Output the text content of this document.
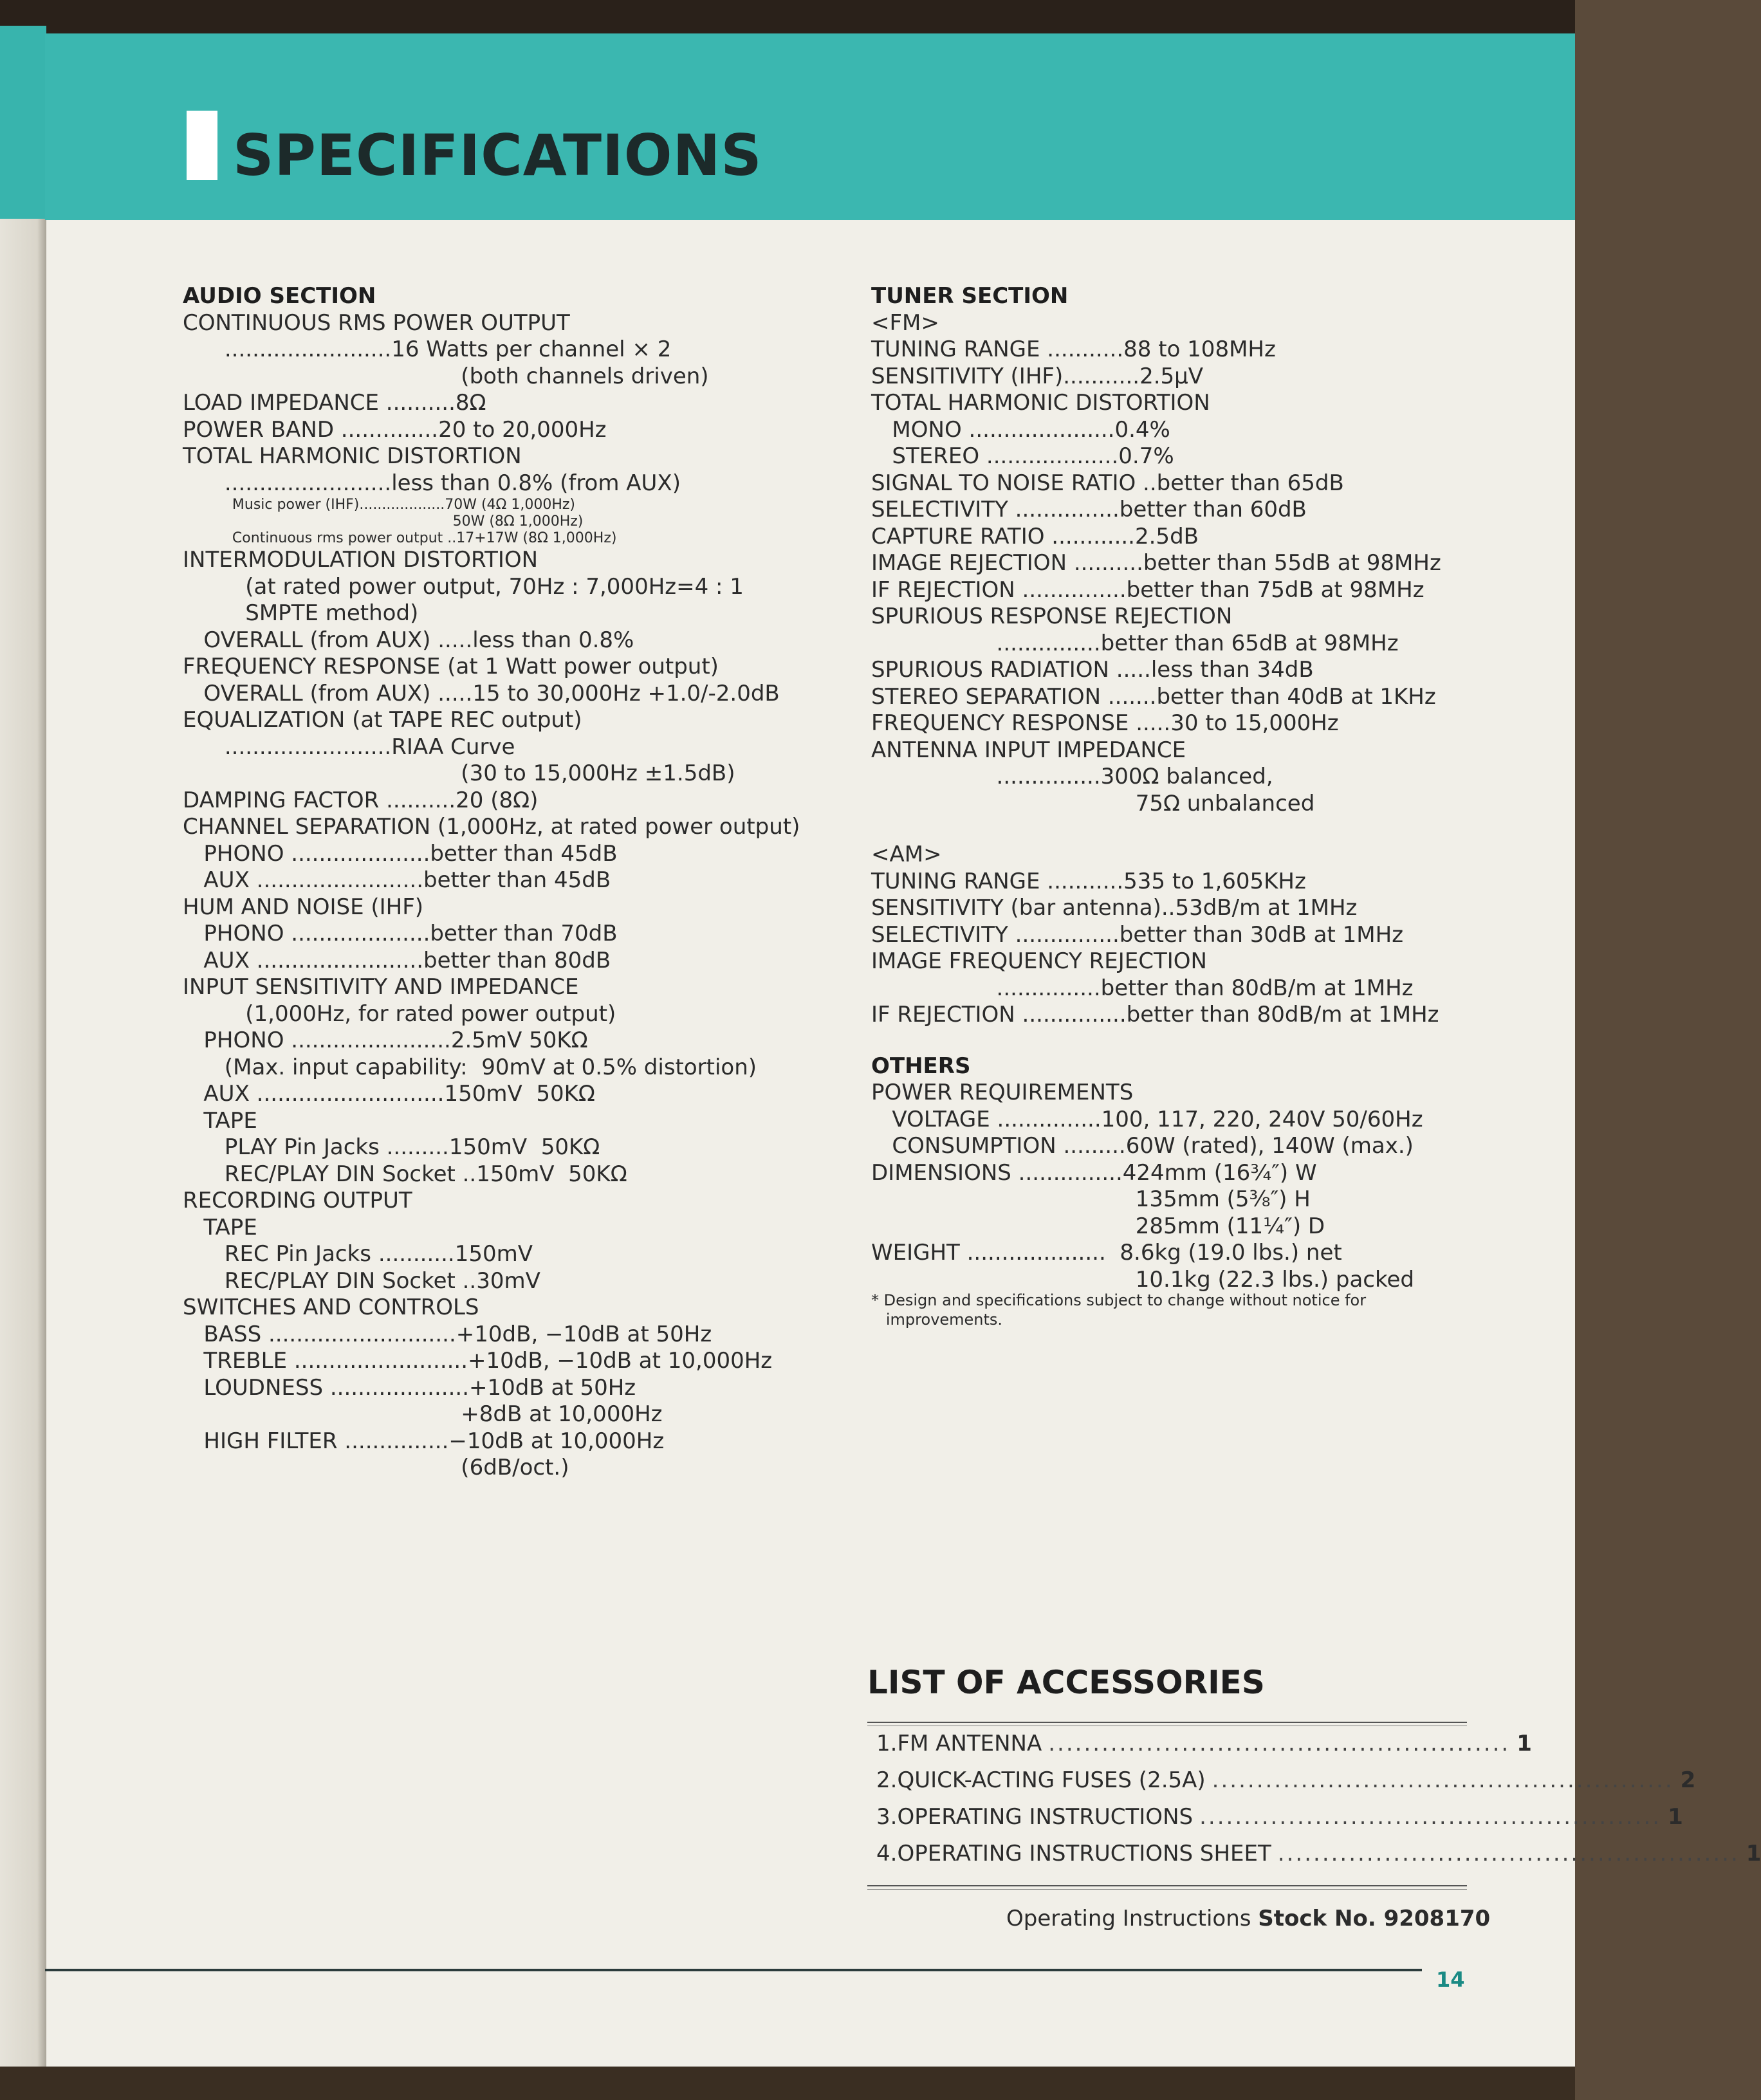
SPECIFICATIONS
AUDIO SECTION
CONTINUOUS RMS POWER OUTPUT
........................16 Watts per channel × 2
(both channels driven)
LOAD IMPEDANCE ..........8Ω
POWER BAND ..............20 to 20,000Hz
TOTAL HARMONIC DISTORTION
........................less than 0.8% (from AUX)
Music power (IHF)...................70W (4Ω 1,000Hz)
50W (8Ω 1,000Hz)
Continuous rms power output ..17+17W (8Ω 1,000Hz)
INTERMODULATION DISTORTION
(at rated power output, 70Hz : 7,000Hz=4 : 1
SMPTE method)
OVERALL (from AUX) .....less than 0.8%
FREQUENCY RESPONSE (at 1 Watt power output)
OVERALL (from AUX) .....15 to 30,000Hz +1.0/-2.0dB
EQUALIZATION (at TAPE REC output)
........................RIAA Curve
(30 to 15,000Hz ±1.5dB)
DAMPING FACTOR ..........20 (8Ω)
CHANNEL SEPARATION (1,000Hz, at rated power output)
PHONO ....................better than 45dB
AUX ........................better than 45dB
HUM AND NOISE (IHF)
PHONO ....................better than 70dB
AUX ........................better than 80dB
INPUT SENSITIVITY AND IMPEDANCE
(1,000Hz, for rated power output)
PHONO .......................2.5mV 50KΩ
(Max. input capability:  90mV at 0.5% distortion)
AUX ...........................150mV  50KΩ
TAPE
PLAY Pin Jacks .........150mV  50KΩ
REC/PLAY DIN Socket ..150mV  50KΩ
RECORDING OUTPUT
TAPE
REC Pin Jacks ...........150mV
REC/PLAY DIN Socket ..30mV
SWITCHES AND CONTROLS
BASS ...........................+10dB, −10dB at 50Hz
TREBLE .........................+10dB, −10dB at 10,000Hz
LOUDNESS ....................+10dB at 50Hz
+8dB at 10,000Hz
HIGH FILTER ...............−10dB at 10,000Hz
(6dB/oct.)
TUNER SECTION
<FM>
TUNING RANGE ...........88 to 108MHz
SENSITIVITY (IHF)...........2.5μV
TOTAL HARMONIC DISTORTION
MONO .....................0.4%
STEREO ...................0.7%
SIGNAL TO NOISE RATIO ..better than 65dB
SELECTIVITY ...............better than 60dB
CAPTURE RATIO ............2.5dB
IMAGE REJECTION ..........better than 55dB at 98MHz
IF REJECTION ...............better than 75dB at 98MHz
SPURIOUS RESPONSE REJECTION
...............better than 65dB at 98MHz
SPURIOUS RADIATION .....less than 34dB
STEREO SEPARATION .......better than 40dB at 1KHz
FREQUENCY RESPONSE .....30 to 15,000Hz
ANTENNA INPUT IMPEDANCE
...............300Ω balanced,
75Ω unbalanced
<AM>
TUNING RANGE ...........535 to 1,605KHz
SENSITIVITY (bar antenna)..53dB/m at 1MHz
SELECTIVITY ...............better than 30dB at 1MHz
IMAGE FREQUENCY REJECTION
...............better than 80dB/m at 1MHz
IF REJECTION ...............better than 80dB/m at 1MHz
OTHERS
POWER REQUIREMENTS
VOLTAGE ...............100, 117, 220, 240V 50/60Hz
CONSUMPTION .........60W (rated), 140W (max.)
DIMENSIONS ...............424mm (16¾″) W
135mm (5⅜″) H
285mm (11¼″) D
WEIGHT ....................  8.6kg (19.0 lbs.) net
10.1kg (22.3 lbs.) packed
* Design and specifications subject to change without notice for
improvements.
LIST OF ACCESSORIES
1. FM ANTENNA .................................................... 1
2. QUICK-ACTING FUSES (2.5A) .................................................... 2
3. OPERATING INSTRUCTIONS .................................................... 1
4. OPERATING INSTRUCTIONS SHEET .................................................... 1
Operating Instructions Stock No. 9208170
14
